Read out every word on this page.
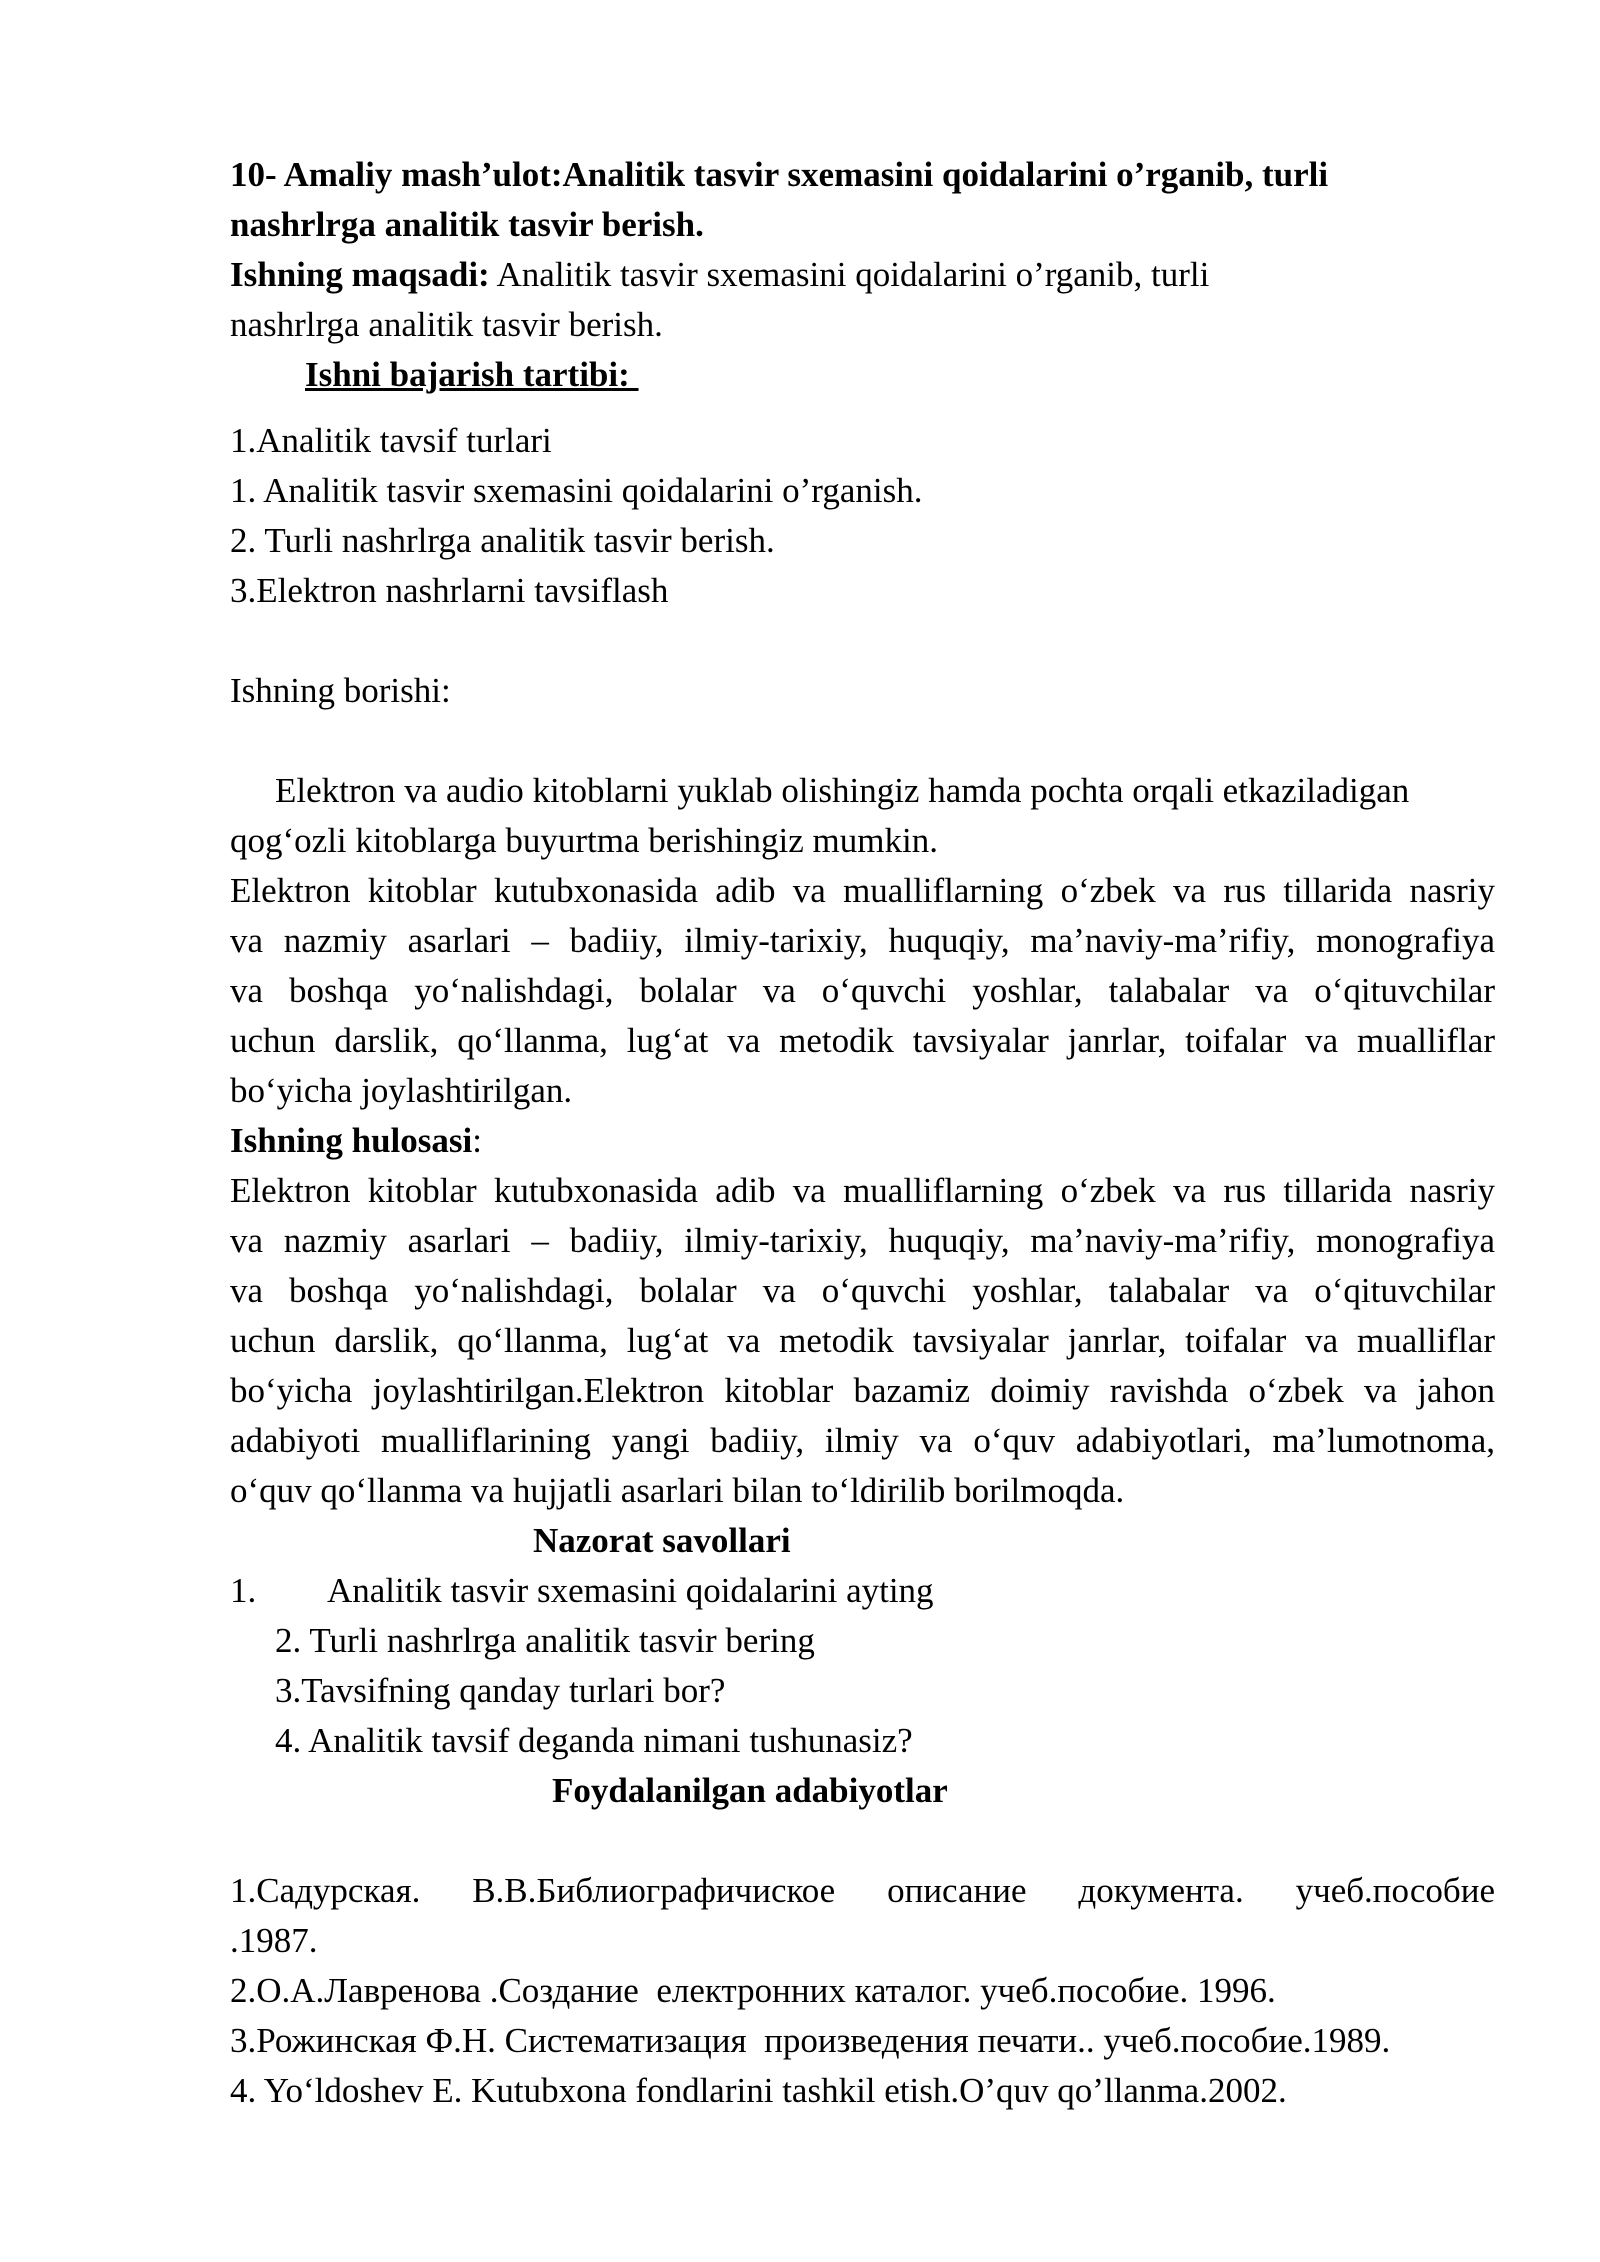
10- Amaliy mash’ulot:Analitik tasvir sxemasini qoidalarini o’rganib, turli
nashrlrga analitik tasvir berish.
Ishning maqsadi: Analitik tasvir sxemasini qoidalarini o’rganib, turli
nashrlrga analitik tasvir berish.
Ishni bajarish tartibi:
1.Analitik tavsif turlari
1. Analitik tasvir sxemasini qoidalarini o’rganish.
2. Turli nashrlrga analitik tasvir berish.
3.Elektron nashrlarni tavsiflash
Ishning borishi:
Elektron va audio kitoblarni yuklab olishingiz hamda pochta orqali etkaziladigan
qog‘ozli kitoblarga buyurtma berishingiz mumkin.
Elektron kitoblar kutubxonasida adib va mualliflarning o‘zbek va rus tillarida nasriy
va nazmiy asarlari – badiiy, ilmiy-tarixiy, huquqiy, ma’naviy-ma’rifiy, monografiya
va boshqa yo‘nalishdagi, bolalar va o‘quvchi yoshlar, talabalar va o‘qituvchilar
uchun darslik, qo‘llanma, lug‘at va metodik tavsiyalar janrlar, toifalar va mualliflar
bo‘yicha joylashtirilgan.
Ishning hulosasi:
Elektron kitoblar kutubxonasida adib va mualliflarning o‘zbek va rus tillarida nasriy
va nazmiy asarlari – badiiy, ilmiy-tarixiy, huquqiy, ma’naviy-ma’rifiy, monografiya
va boshqa yo‘nalishdagi, bolalar va o‘quvchi yoshlar, talabalar va o‘qituvchilar
uchun darslik, qo‘llanma, lug‘at va metodik tavsiyalar janrlar, toifalar va mualliflar
bo‘yicha joylashtirilgan.Elektron kitoblar bazamiz doimiy ravishda o‘zbek va jahon
adabiyoti mualliflarining yangi badiiy, ilmiy va o‘quv adabiyotlari, ma’lumotnoma,
o‘quv qo‘llanma va hujjatli asarlari bilan to‘ldirilib borilmoqda.
Nazorat savollari
1. Analitik tasvir sxemasini qoidalarini ayting
2. Turli nashrlrga analitik tasvir bering
3.Tavsifning qanday turlari bor?
4. Analitik tavsif deganda nimani tushunasiz?
Foydalanilgan adabiyotlar
1.Садурская. В.В.Библиографичиское описание документа. учеб.пособие
.1987.
2.О.А.Лавренова .Создание  електронних каталог. учеб.пособие. 1996.
3.Рожинская Ф.Н. Систематизация  произведения печати.. учеб.пособие.1989.
4. Yo‘ldoshev E. Kutubxona fondlarini tashkil etish.O’quv qo’llanma.2002.
